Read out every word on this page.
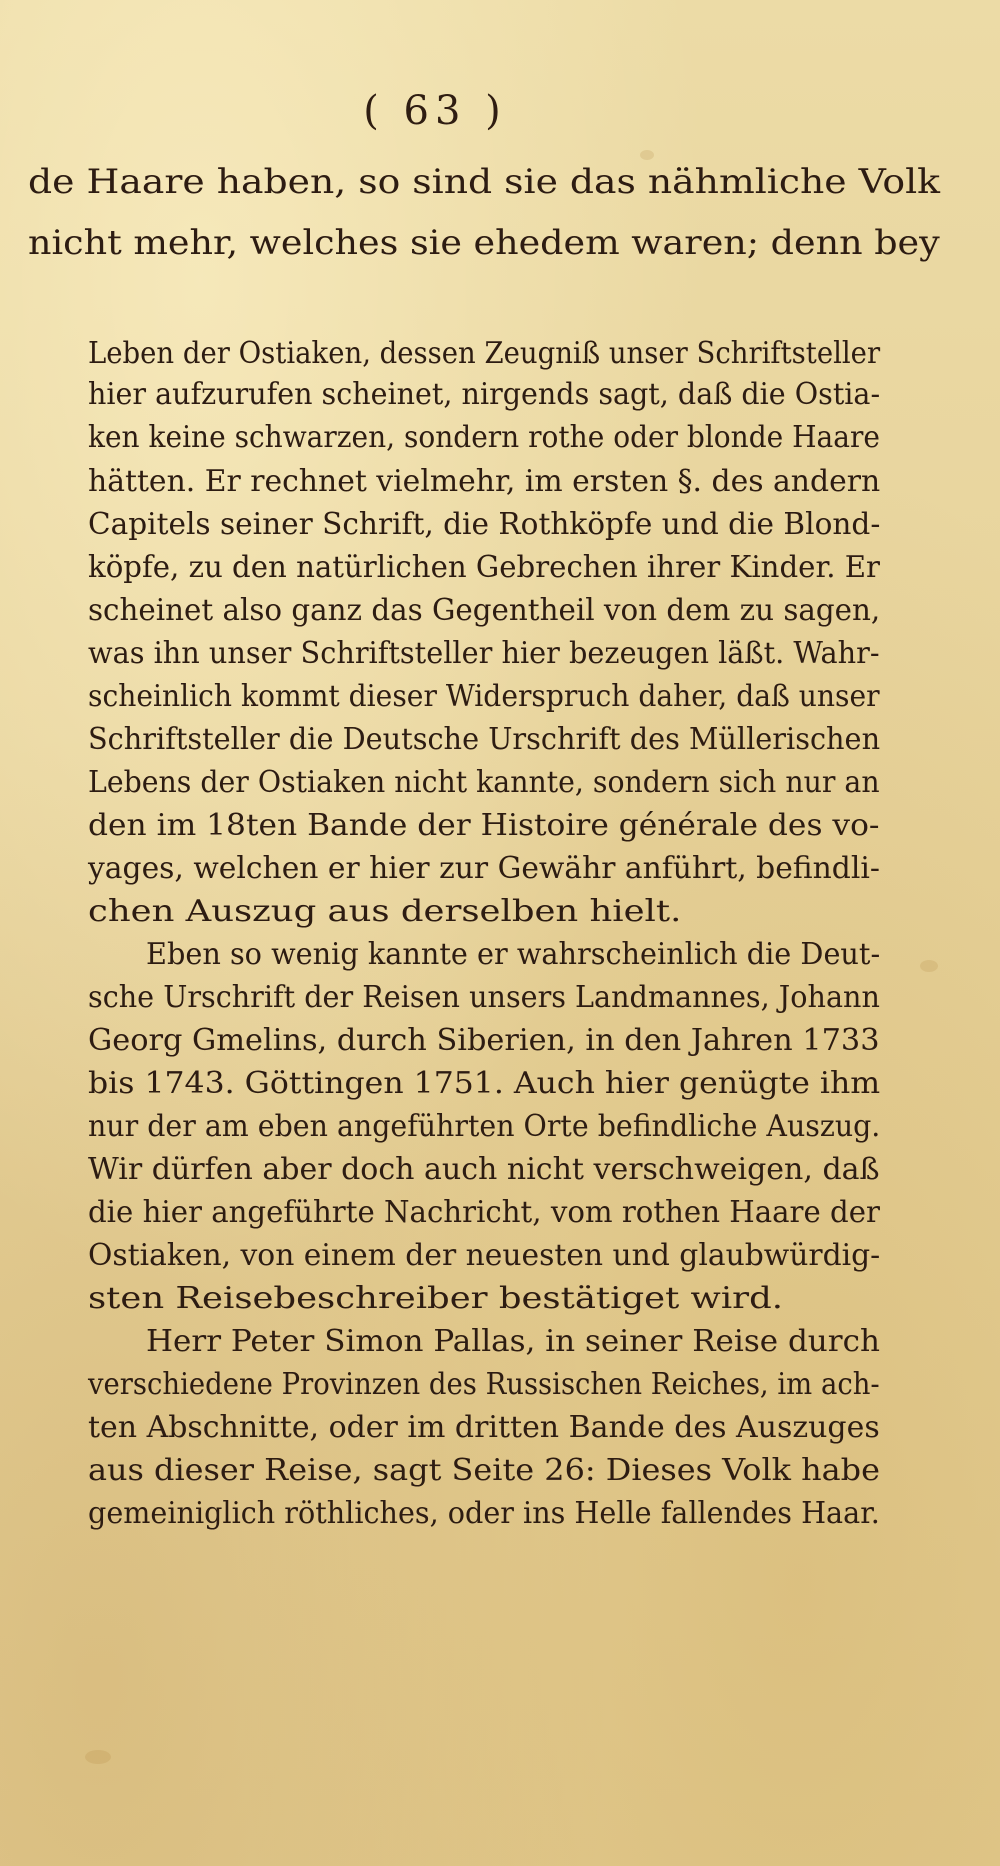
( 63 )
de Haare haben, so sind sie das nähmliche Volk
nicht mehr, welches sie ehedem waren; denn bey
Leben der Ostiaken, dessen Zeugniß unser Schriftsteller
hier aufzurufen scheinet, nirgends sagt, daß die Ostia-
ken keine schwarzen, sondern rothe oder blonde Haare
hätten. Er rechnet vielmehr, im ersten §. des andern
Capitels seiner Schrift, die Rothköpfe und die Blond-
köpfe, zu den natürlichen Gebrechen ihrer Kinder. Er
scheinet also ganz das Gegentheil von dem zu sagen,
was ihn unser Schriftsteller hier bezeugen läßt. Wahr-
scheinlich kommt dieser Widerspruch daher, daß unser
Schriftsteller die Deutsche Urschrift des Müllerischen
Lebens der Ostiaken nicht kannte, sondern sich nur an
den im 18ten Bande der Histoire générale des vo-
yages, welchen er hier zur Gewähr anführt, befindli-
chen Auszug aus derselben hielt.
Eben so wenig kannte er wahrscheinlich die Deut-
sche Urschrift der Reisen unsers Landmannes, Johann
Georg Gmelins, durch Siberien, in den Jahren 1733
bis 1743. Göttingen 1751. Auch hier genügte ihm
nur der am eben angeführten Orte befindliche Auszug.
Wir dürfen aber doch auch nicht verschweigen, daß
die hier angeführte Nachricht, vom rothen Haare der
Ostiaken, von einem der neuesten und glaubwürdig-
sten Reisebeschreiber bestätiget wird.
Herr Peter Simon Pallas, in seiner Reise durch
verschiedene Provinzen des Russischen Reiches, im ach-
ten Abschnitte, oder im dritten Bande des Auszuges
aus dieser Reise, sagt Seite 26: Dieses Volk habe
gemeiniglich röthliches, oder ins Helle fallendes Haar.
